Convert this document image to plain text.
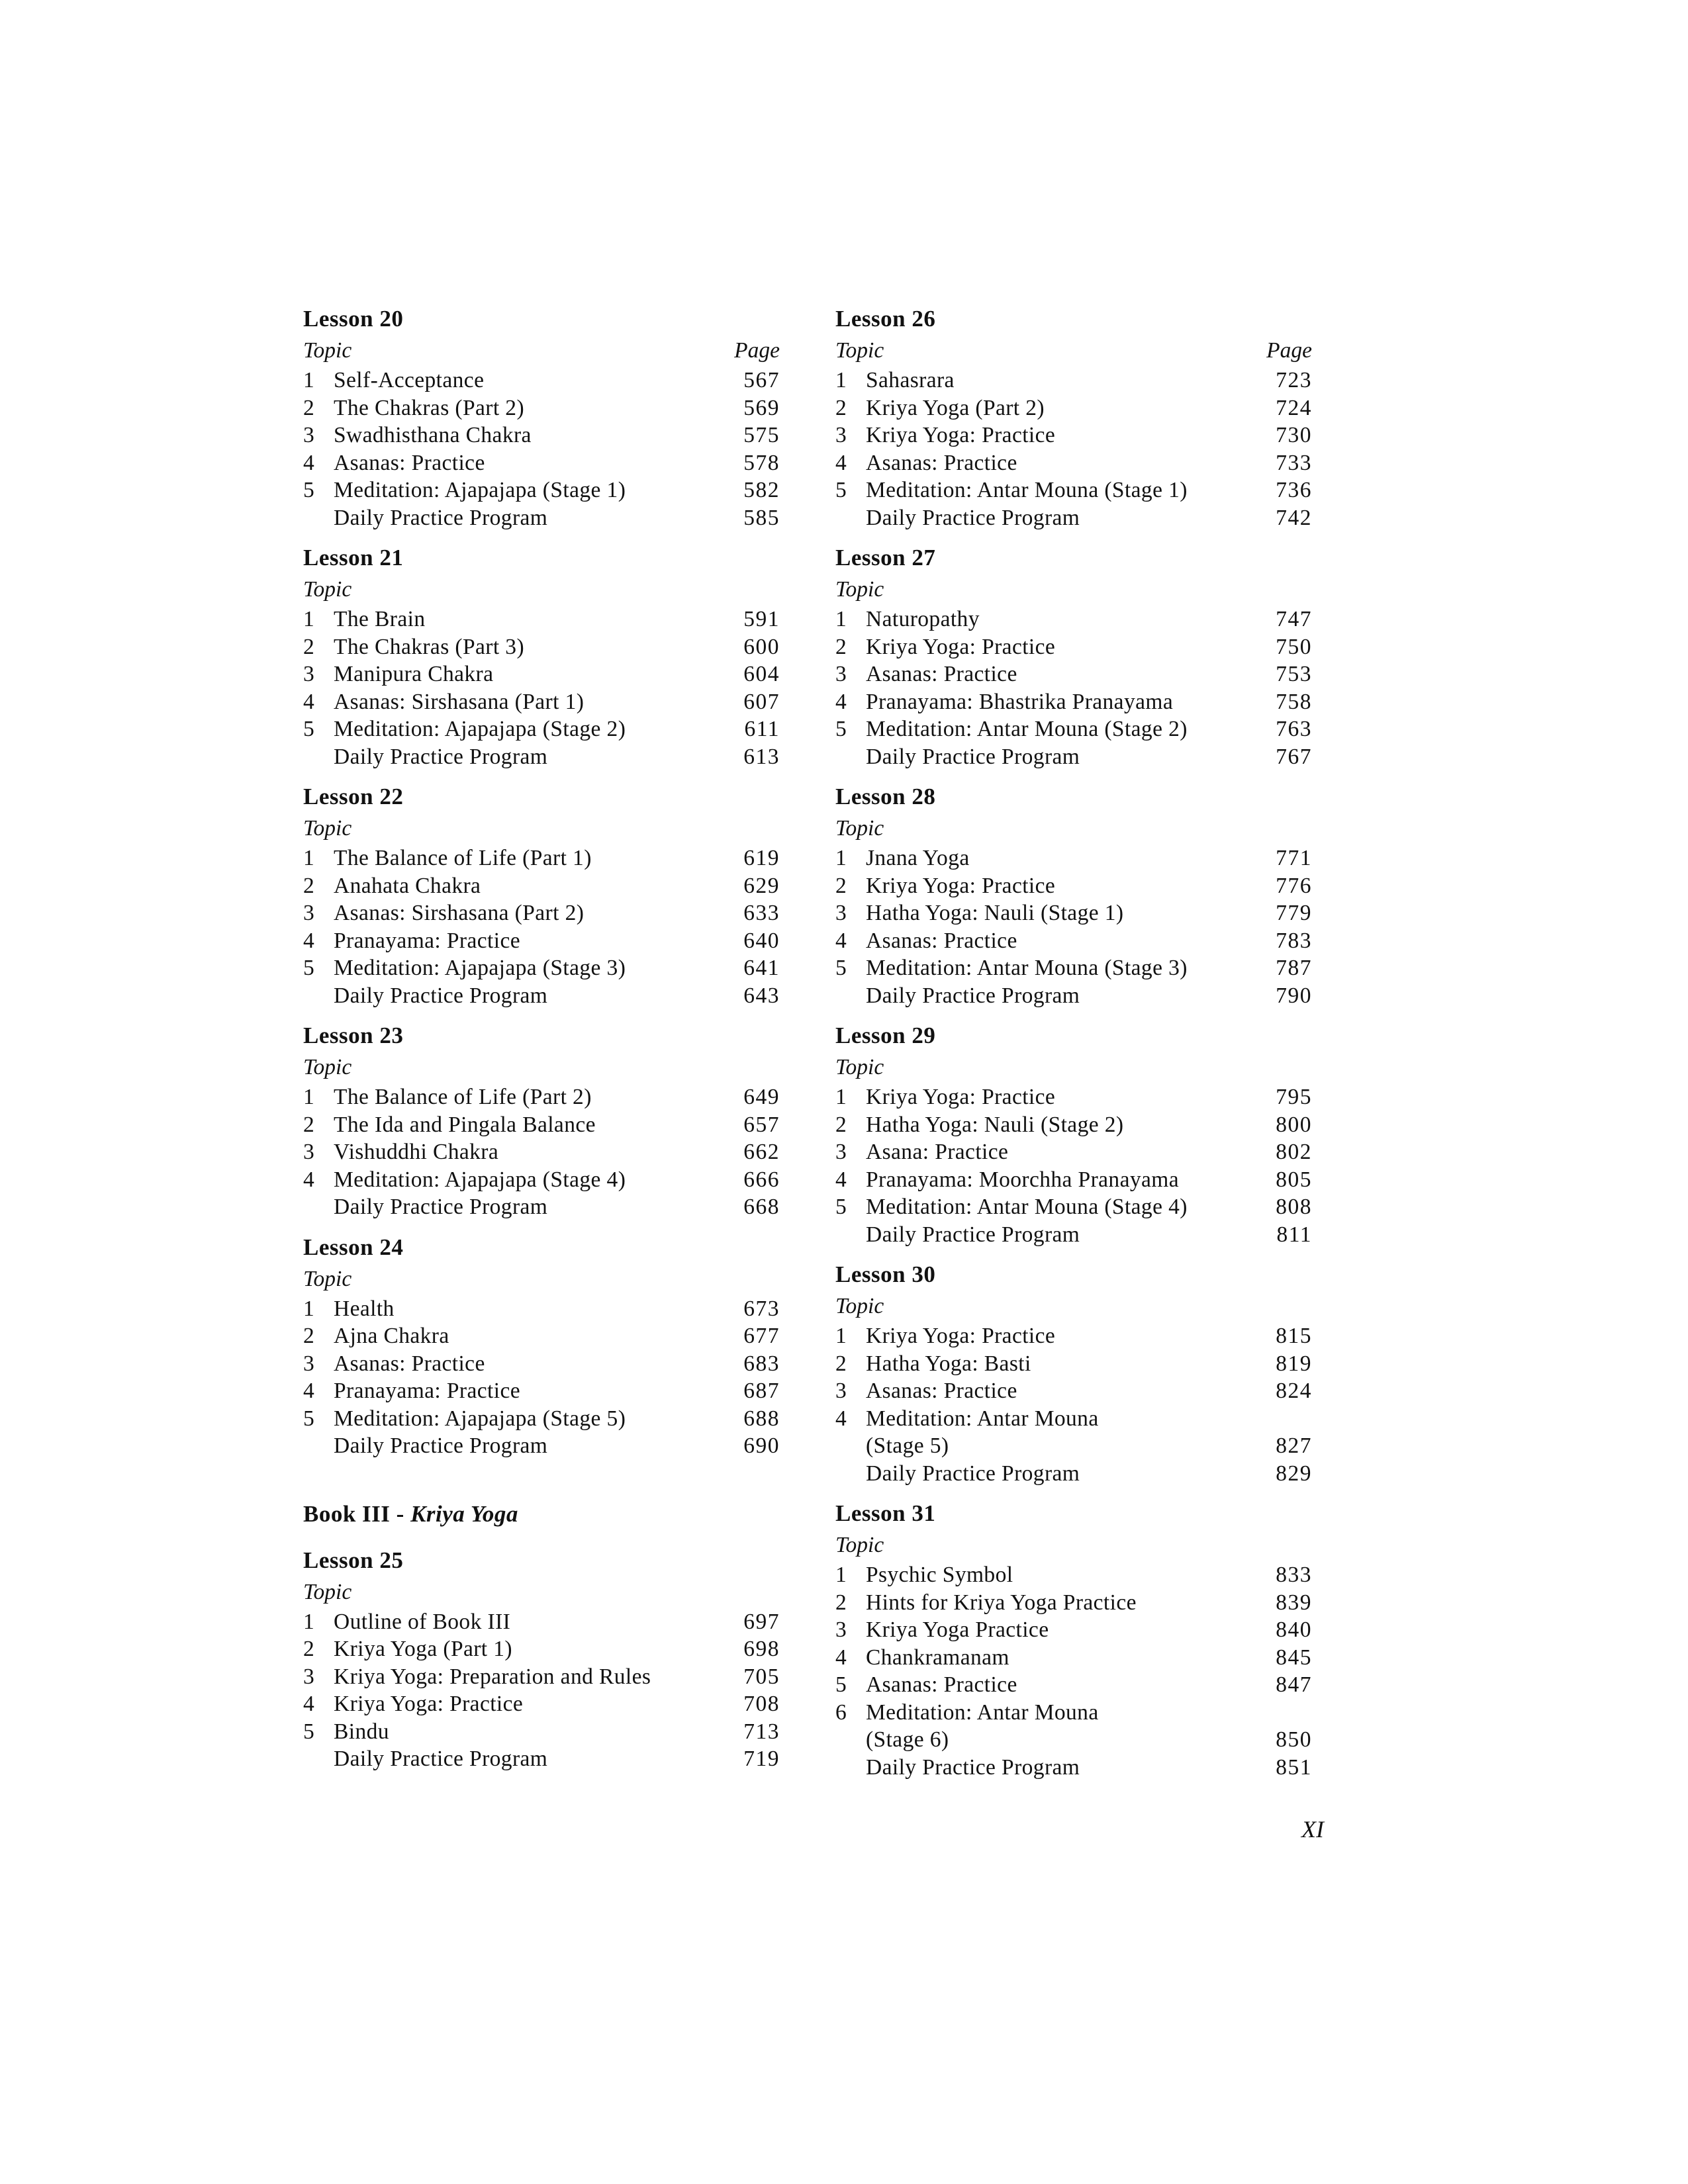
Lesson 20
Topic	Page
1 Self-Acceptance	567
2 The Chakras (Part 2)	569
3 Swadhisthana Chakra	575
4 Asanas: Practice	578
5 Meditation: Ajapajapa (Stage 1)	582
Daily Practice Program	585
Lesson 21
Topic
1 The Brain	591
2 The Chakras (Part 3)	600
3 Manipura Chakra	604
4 Asanas: Sirshasana (Part 1)	607
5 Meditation: Ajapajapa (Stage 2)	611
Daily Practice Program	613
Lesson 22
Topic
1 The Balance of Life (Part 1)	619
2 Anahata Chakra	629
3 Asanas: Sirshasana (Part 2)	633
4 Pranayama: Practice	640
5 Meditation: Ajapajapa (Stage 3)	641
Daily Practice Program	643
Lesson 23
Topic
1 The Balance of Life (Part 2)	649
2 The Ida and Pingala Balance	657
3 Vishuddhi Chakra	662
4 Meditation: Ajapajapa (Stage 4)	666
Daily Practice Program	668
Lesson 24
Topic
1 Health	673
2 Ajna Chakra	677
3 Asanas: Practice	683
4 Pranayama: Practice	687
5 Meditation: Ajapajapa (Stage 5)	688
Daily Practice Program	690
Book III - Kriya Yoga
Lesson 25
Topic
1 Outline of Book III	697
2 Kriya Yoga (Part 1)	698
3 Kriya Yoga: Preparation and Rules	705
4 Kriya Yoga: Practice	708
5 Bindu	713
Daily Practice Program	719
Lesson 26
Topic	Page
1 Sahasrara	723
2 Kriya Yoga (Part 2)	724
3 Kriya Yoga: Practice	730
4 Asanas: Practice	733
5 Meditation: Antar Mouna (Stage 1)	736
Daily Practice Program	742
Lesson 27
Topic
1 Naturopathy	747
2 Kriya Yoga: Practice	750
3 Asanas: Practice	753
4 Pranayama: Bhastrika Pranayama	758
5 Meditation: Antar Mouna (Stage 2)	763
Daily Practice Program	767
Lesson 28
Topic
1 Jnana Yoga	771
2 Kriya Yoga: Practice	776
3 Hatha Yoga: Nauli (Stage 1)	779
4 Asanas: Practice	783
5 Meditation: Antar Mouna (Stage 3)	787
Daily Practice Program	790
Lesson 29
Topic
1 Kriya Yoga: Practice	795
2 Hatha Yoga: Nauli (Stage 2)	800
3 Asana: Practice	802
4 Pranayama: Moorchha Pranayama	805
5 Meditation: Antar Mouna (Stage 4)	808
Daily Practice Program	811
Lesson 30
Topic
1 Kriya Yoga: Practice	815
2 Hatha Yoga: Basti	819
3 Asanas: Practice	824
4 Meditation: Antar Mouna
(Stage 5)	827
Daily Practice Program	829
Lesson 31
Topic
1 Psychic Symbol	833
2 Hints for Kriya Yoga Practice	839
3 Kriya Yoga Practice	840
4 Chankramanam	845
5 Asanas: Practice	847
6 Meditation: Antar Mouna
(Stage 6)	850
Daily Practice Program	851
XI
